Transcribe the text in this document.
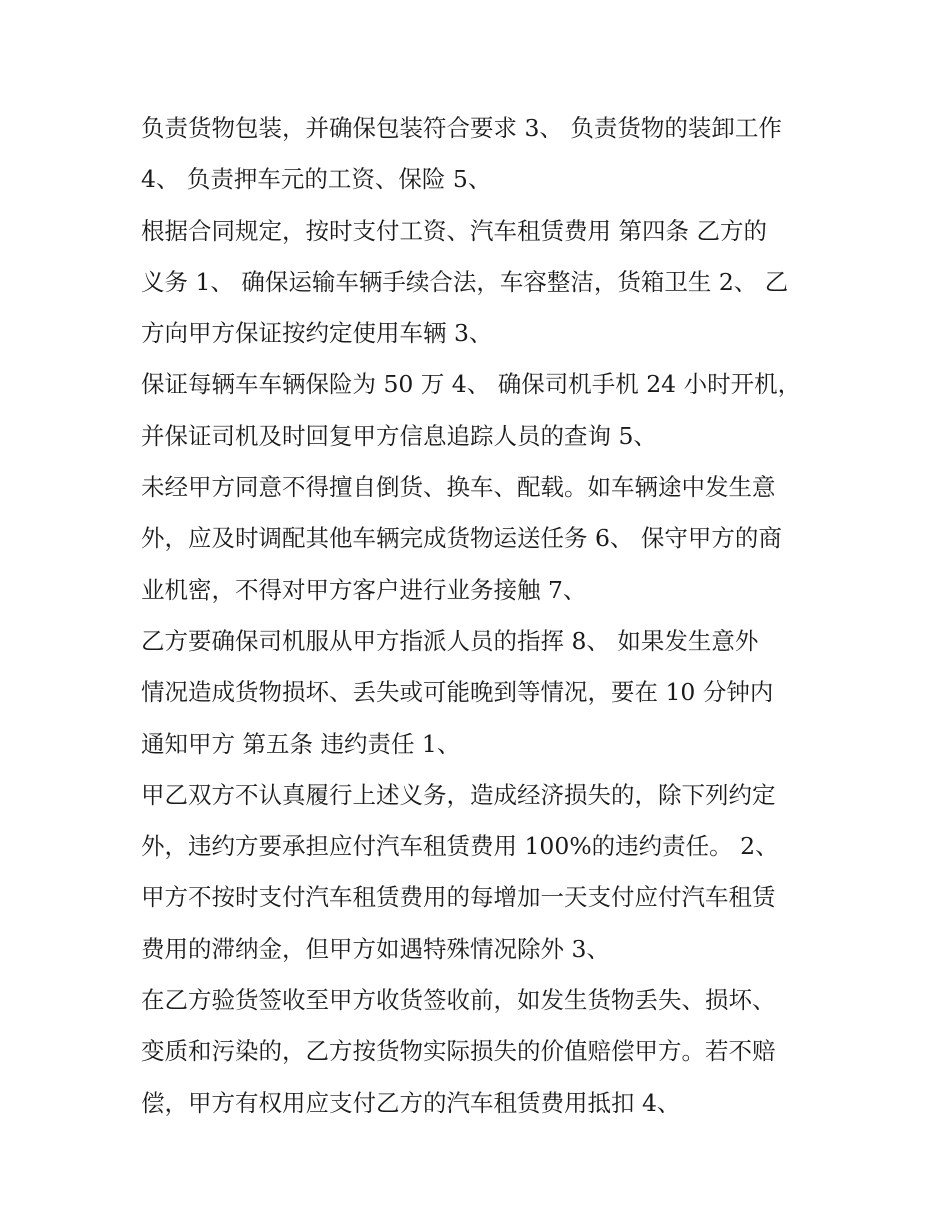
负责货物包装，并确保包装符合要求 3、 负责货物的装卸工作
4、 负责押车元的工资、保险 5、
根据合同规定，按时支付工资、汽车租赁费用 第四条 乙方的
义务 1、 确保运输车辆手续合法，车容整洁，货箱卫生 2、 乙
方向甲方保证按约定使用车辆 3、
保证每辆车车辆保险为 50 万 4、 确保司机手机 24 小时开机，
并保证司机及时回复甲方信息追踪人员的查询 5、
未经甲方同意不得擅自倒货、换车、配载。如车辆途中发生意
外，应及时调配其他车辆完成货物运送任务 6、 保守甲方的商
业机密，不得对甲方客户进行业务接触 7、
乙方要确保司机服从甲方指派人员的指挥 8、 如果发生意外
情况造成货物损坏、丢失或可能晚到等情况，要在 10 分钟内
通知甲方 第五条 违约责任 1、
甲乙双方不认真履行上述义务，造成经济损失的，除下列约定
外，违约方要承担应付汽车租赁费用 100%的违约责任。 2、
甲方不按时支付汽车租赁费用的每增加一天支付应付汽车租赁
费用的滞纳金，但甲方如遇特殊情况除外 3、
在乙方验货签收至甲方收货签收前，如发生货物丢失、损坏、
变质和污染的，乙方按货物实际损失的价值赔偿甲方。若不赔
偿，甲方有权用应支付乙方的汽车租赁费用抵扣 4、
